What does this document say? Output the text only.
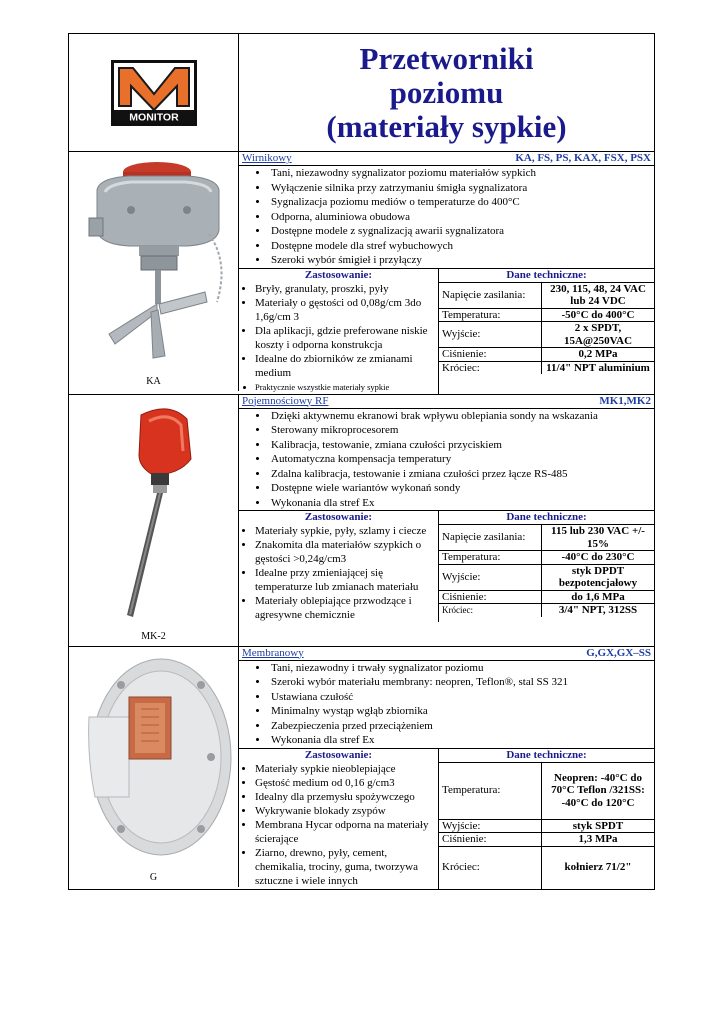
MONITOR
Przetworniki
poziomu
(materiały sypkie)
KA
Wirnikowy	KA, FS, PS, KAX, FSX, PSX
• Tani, niezawodny sygnalizator poziomu materiałów sypkich
• Wyłączenie silnika przy zatrzymaniu śmigła sygnalizatora
• Sygnalizacja poziomu mediów o temperaturze do 400°C
• Odporna, aluminiowa obudowa
• Dostępne modele z sygnalizacją awarii sygnalizatora
• Dostępne modele dla stref wybuchowych
• Szeroki wybór śmigieł i przyłączy
Zastosowanie:
• Bryły, granulaty, proszki, pyły
• Materiały o gęstości od 0,08g/cm 3do 1,6g/cm 3
• Dla aplikacji, gdzie preferowane niskie koszty i odporna konstrukcja
• Idealne do zbiorników ze zmianami medium
• Praktycznie wszystkie materiały sypkie
Dane techniczne:
Napięcie zasilania:	230, 115, 48, 24 VAC lub 24 VDC
Temperatura:	-50°C do 400°C
Wyjście:	2 x SPDT, 15A@250VAC
Ciśnienie:	0,2 MPa
Króciec:	11/4" NPT aluminium
MK-2
Pojemnościowy RF	MK1,MK2
• Dzięki aktywnemu ekranowi brak wpływu oblepiania sondy na wskazania
• Sterowany mikroprocesorem
• Kalibracja, testowanie, zmiana czułości przyciskiem
• Automatyczna kompensacja temperatury
• Zdalna kalibracja, testowanie i zmiana czułości przez łącze RS-485
• Dostępne wiele wariantów wykonań sondy
• Wykonania dla stref Ex
Zastosowanie:
• Materiały sypkie, pyły, szlamy i ciecze
• Znakomita dla materiałów szypkich o gęstości >0,24g/cm3
• Idealne przy zmieniającej się temperaturze lub zmianach materiału
• Materiały oblepiające przwodzące i agresywne chemicznie
Dane techniczne:
Napięcie zasilania:	115 lub 230 VAC +/- 15%
Temperatura:	-40°C do 230°C
Wyjście:	styk DPDT bezpotencjałowy
Ciśnienie:	do 1,6 MPa
Króciec:	3/4" NPT, 312SS
G
Membranowy	G,GX,GX–SS
• Tani, niezawodny i trwały sygnalizator poziomu
• Szeroki wybór materiału membrany: neopren, Teflon®, stal SS 321
• Ustawiana czułość
• Minimalny wystąp wgłąb zbiornika
• Zabezpieczenia przed przeciążeniem
• Wykonania dla stref Ex
Zastosowanie:
• Materiały sypkie nieoblepiające
• Gęstość medium od 0,16 g/cm3
• Idealny dla przemysłu spożywczego
• Wykrywanie blokady zsypów
• Membrana Hycar odporna na materiały ścierające
• Ziarno, drewno, pyły, cement, chemikalia, trociny, guma, tworzywa sztuczne i wiele innych
Dane techniczne:
Temperatura:	Neopren: -40°C do 70°C Teflon /321SS: -40°C do 120°C
Wyjście:	styk SPDT
Ciśnienie:	1,3 MPa
Króciec:	kołnierz 71/2"
